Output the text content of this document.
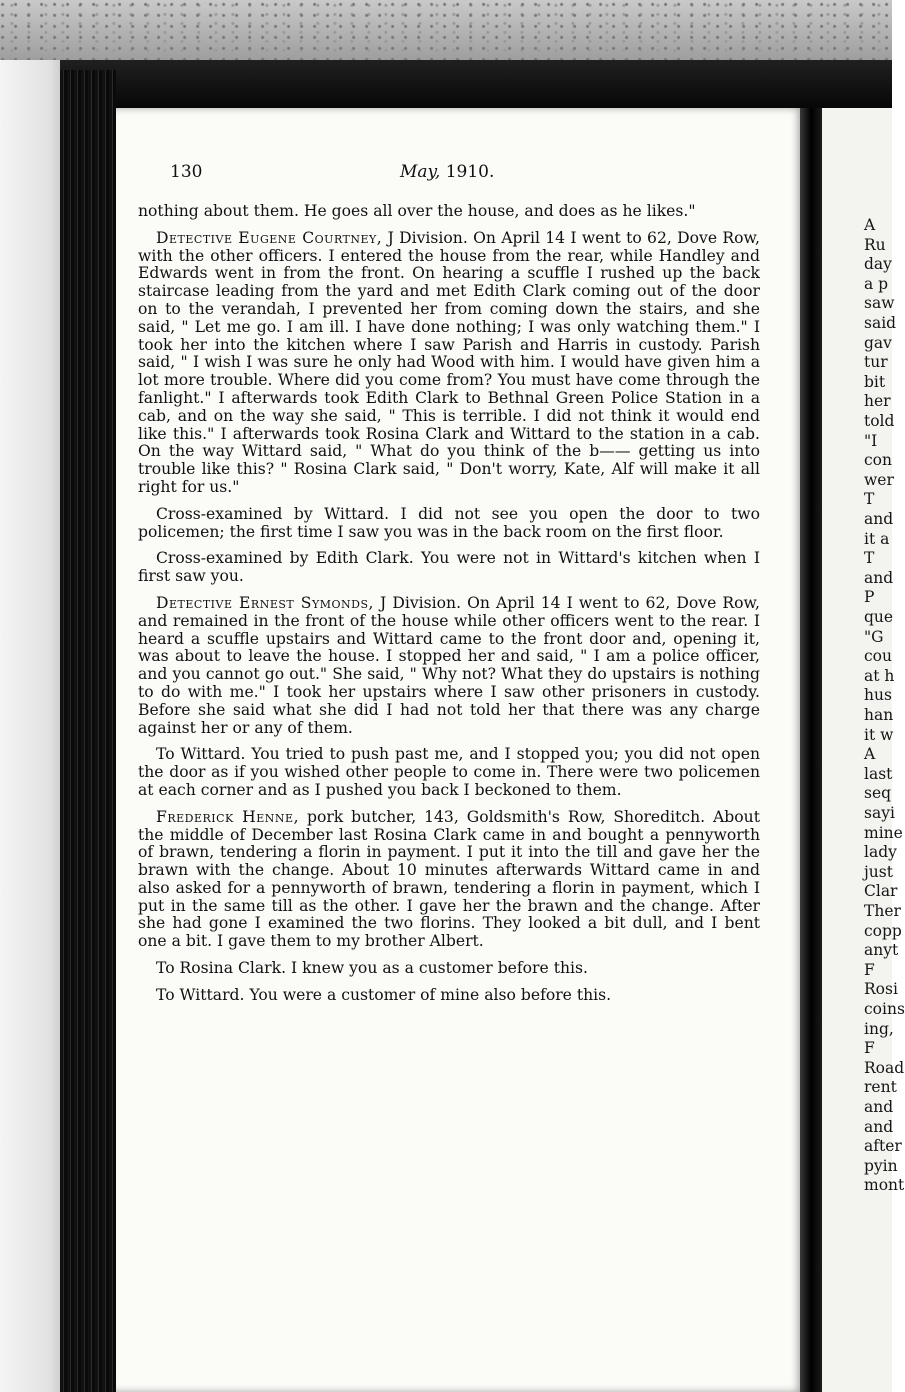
A
Ru
day
a p
saw
said
gav
tur
bit
her
told
"I
con
wer
T
and
it a
T
and
P
que
"G
cou
at h
hus
han
it w
A
last
seq
sayi
mine
lady
just
Clar
Ther
copp
anyt
F
Rosi
coins
ing,
F
Road
rent
and
and
after
pyin
mont
130	May, 1910.

nothing about them. He goes all over the house, and does as he likes."

Detective Eugene Courtney, J Division. On April 14 I went to 62, Dove Row, with the other officers. I entered the house from the rear, while Handley and Edwards went in from the front. On hearing a scuffle I rushed up the back staircase leading from the yard and met Edith Clark coming out of the door on to the verandah, I prevented her from coming down the stairs, and she said, " Let me go. I am ill. I have done nothing; I was only watching them." I took her into the kitchen where I saw Parish and Harris in custody. Parish said, " I wish I was sure he only had Wood with him. I would have given him a lot more trouble. Where did you come from? You must have come through the fanlight." I afterwards took Edith Clark to Bethnal Green Police Station in a cab, and on the way she said, " This is terrible. I did not think it would end like this." I afterwards took Rosina Clark and Wittard to the station in a cab. On the way Wittard said, " What do you think of the b—— getting us into trouble like this? " Rosina Clark said, " Don't worry, Kate, Alf will make it all right for us."

Cross-examined by Wittard. I did not see you open the door to two policemen; the first time I saw you was in the back room on the first floor.

Cross-examined by Edith Clark. You were not in Wittard's kitchen when I first saw you.

Detective Ernest Symonds, J Division. On April 14 I went to 62, Dove Row, and remained in the front of the house while other officers went to the rear. I heard a scuffle upstairs and Wittard came to the front door and, opening it, was about to leave the house. I stopped her and said, " I am a police officer, and you cannot go out." She said, " Why not? What they do upstairs is nothing to do with me." I took her upstairs where I saw other prisoners in custody. Before she said what she did I had not told her that there was any charge against her or any of them.

To Wittard. You tried to push past me, and I stopped you; you did not open the door as if you wished other people to come in. There were two policemen at each corner and as I pushed you back I beckoned to them.

Frederick Henne, pork butcher, 143, Goldsmith's Row, Shoreditch. About the middle of December last Rosina Clark came in and bought a pennyworth of brawn, tendering a florin in payment. I put it into the till and gave her the brawn with the change. About 10 minutes afterwards Wittard came in and also asked for a pennyworth of brawn, tendering a florin in payment, which I put in the same till as the other. I gave her the brawn and the change. After she had gone I examined the two florins. They looked a bit dull, and I bent one a bit. I gave them to my brother Albert.

To Rosina Clark. I knew you as a customer before this.

To Wittard. You were a customer of mine also before this.
